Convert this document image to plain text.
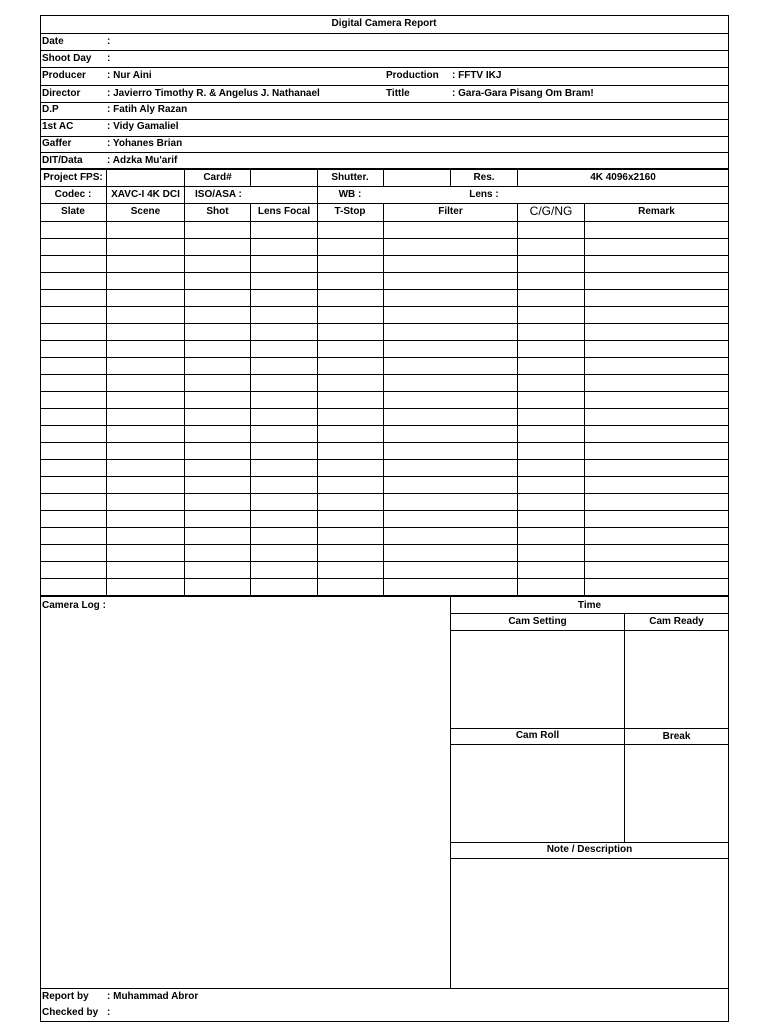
Digital Camera Report
Date	:
Shoot Day :
Producer : Nur Aini	Production : FFTV IKJ
Director	: Javierro Timothy R. & Angelus J. Nathanael	Tittle	: Gara-Gara Pisang Om Bram!
D.P	: Fatih Aly Razan
1st AC	: Vidy Gamaliel
Gaffer	: Yohanes Brian
DIT/Data : Adzka Mu'arif
Project FPS:	Card#	Shutter.	Res.	4K 4096x2160
Codec :	XAVC-I 4K DCI	ISO/ASA :	WB :	Lens :
Slate	Scene	Shot	Lens Focal	T-Stop	Filter	C/G/NG	Remark
Camera Log :	Time
Cam Setting	Cam Ready
Cam Roll	Break
Note / Description
Report by : Muhammad Abror
Checked by :
